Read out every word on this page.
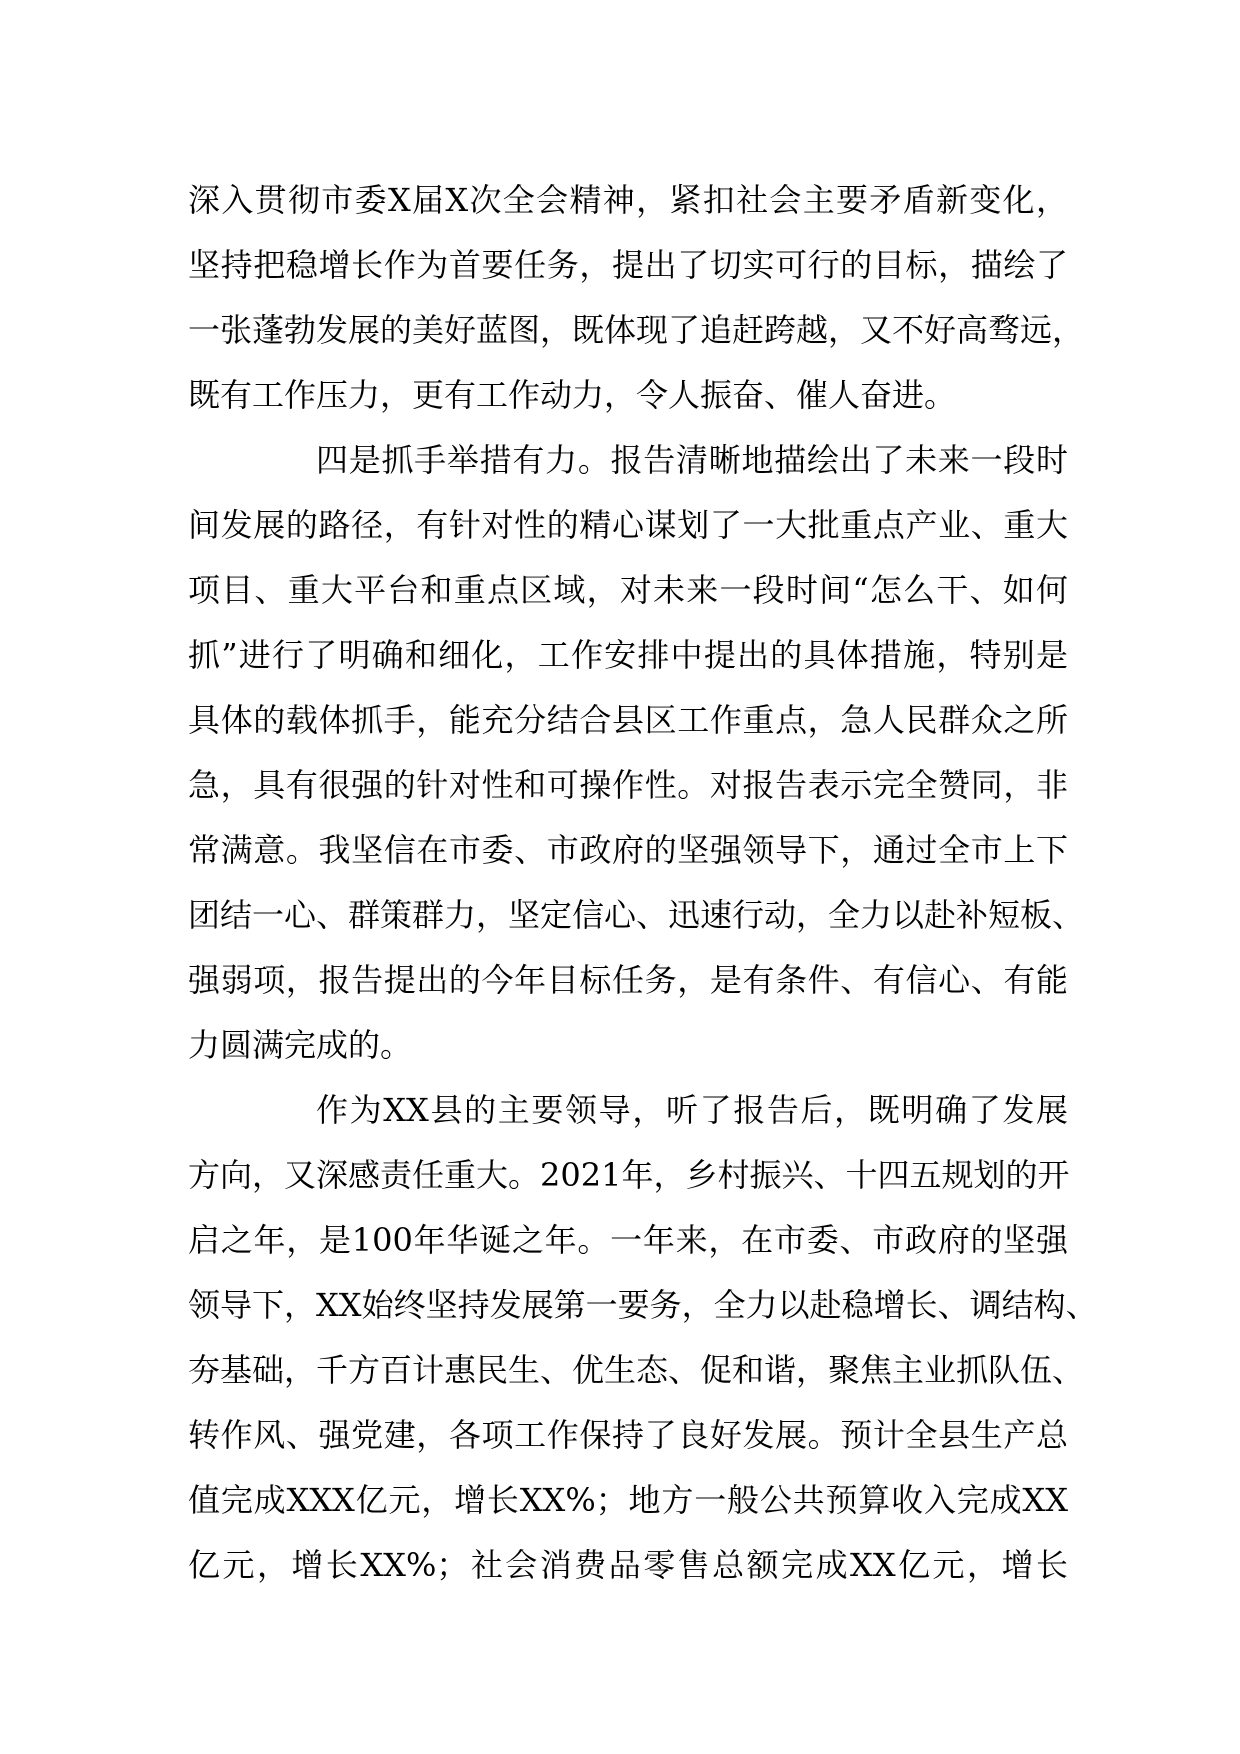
深入贯彻市委X届X次全会精神，紧扣社会主要矛盾新变化，
坚持把稳增长作为首要任务，提出了切实可行的目标，描绘了
一张蓬勃发展的美好蓝图，既体现了追赶跨越，又不好高骛远，
既有工作压力，更有工作动力，令人振奋、催人奋进。
四是抓手举措有力。报告清晰地描绘出了未来一段时
间发展的路径，有针对性的精心谋划了一大批重点产业、重大
项目、重大平台和重点区域，对未来一段时间“怎么干、如何
抓”进行了明确和细化，工作安排中提出的具体措施，特别是
具体的载体抓手，能充分结合县区工作重点，急人民群众之所
急，具有很强的针对性和可操作性。对报告表示完全赞同，非
常满意。我坚信在市委、市政府的坚强领导下，通过全市上下
团结一心、群策群力，坚定信心、迅速行动，全力以赴补短板、
强弱项，报告提出的今年目标任务，是有条件、有信心、有能
力圆满完成的。
作为XX县的主要领导，听了报告后，既明确了发展
方向，又深感责任重大。2021年，乡村振兴、十四五规划的开
启之年，是100年华诞之年。一年来，在市委、市政府的坚强
领导下，XX始终坚持发展第一要务，全力以赴稳增长、调结构、
夯基础，千方百计惠民生、优生态、促和谐，聚焦主业抓队伍、
转作风、强党建，各项工作保持了良好发展。预计全县生产总
值完成XXX亿元，增长XX%；地方一般公共预算收入完成XX
亿元，增长XX%；社会消费品零售总额完成XX亿元，增长
